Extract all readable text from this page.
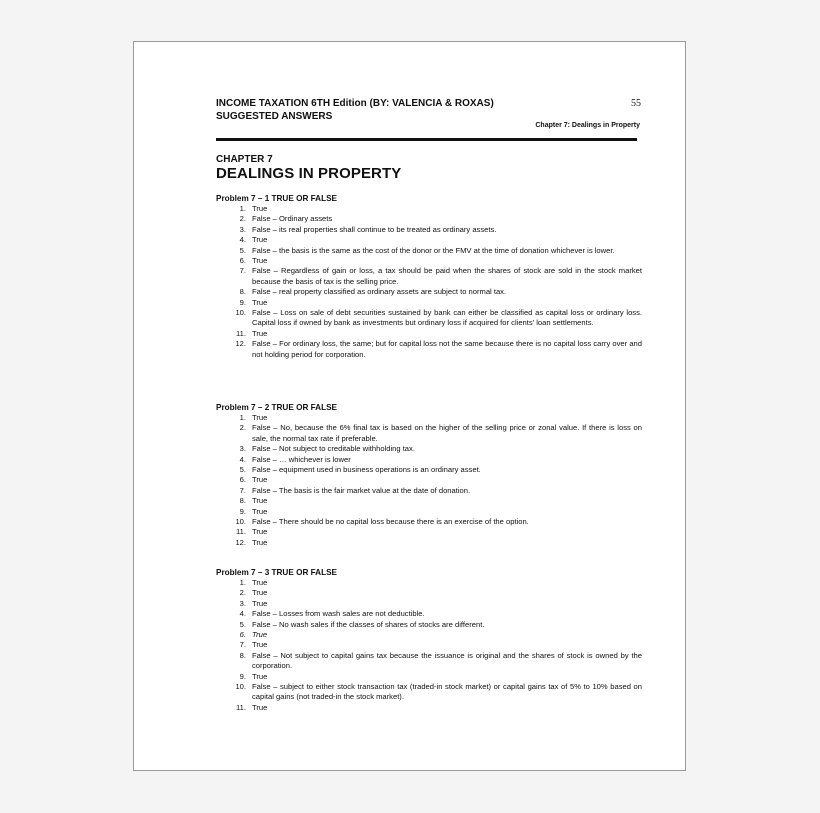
INCOME TAXATION 6TH Edition (BY: VALENCIA & ROXAS)
SUGGESTED ANSWERS
55
Chapter 7: Dealings in Property
CHAPTER 7
DEALINGS IN PROPERTY
Problem 7 – 1 TRUE OR FALSE
1. True
2. False – Ordinary assets
3. False – its real properties shall continue to be treated as ordinary assets.
4. True
5. False – the basis is the same as the cost of the donor or the FMV at the time of donation whichever is lower.
6. True
7. False – Regardless of gain or loss, a tax should be paid when the shares of stock are sold in the stock market because the basis of tax is the selling price.
8. False – real property classified as ordinary assets are subject to normal tax.
9. True
10. False – Loss on sale of debt securities sustained by bank can either be classified as capital loss or ordinary loss. Capital loss if owned by bank as investments but ordinary loss if acquired for clients' loan settlements.
11. True
12. False – For ordinary loss, the same; but for capital loss not the same because there is no capital loss carry over and not holding period for corporation.
Problem 7 – 2 TRUE OR FALSE
1. True
2. False – No, because the 6% final tax is based on the higher of the selling price or zonal value. If there is loss on sale, the normal tax rate if preferable.
3. False – Not subject to creditable withholding tax.
4. False – … whichever is lower
5. False – equipment used in business operations is an ordinary asset.
6. True
7. False – The basis is the fair market value at the date of donation.
8. True
9. True
10. False – There should be no capital loss because there is an exercise of the option.
11. True
12. True
Problem 7 – 3 TRUE OR FALSE
1. True
2. True
3. True
4. False – Losses from wash sales are not deductible.
5. False – No wash sales if the classes of shares of stocks are different.
6. True
7. True
8. False – Not subject to capital gains tax because the issuance is original and the shares of stock is owned by the corporation.
9. True
10. False – subject to either stock transaction tax (traded-in stock market) or capital gains tax of 5% to 10% based on capital gains (not traded-in the stock market).
11. True
